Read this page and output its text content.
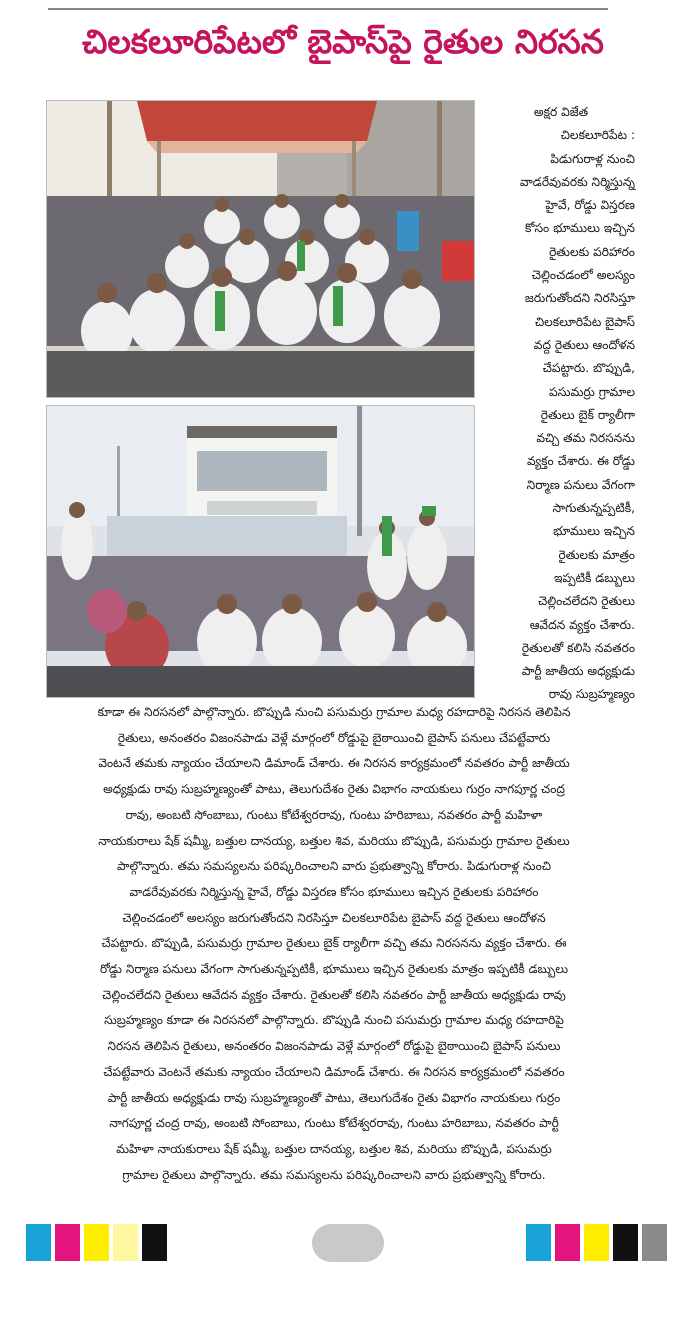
చిలకలూరిపేటలో బైపాస్‌పై రైతుల నిరసన
అక్షర విజేత
చిలకలూరిపేట :
పిడుగురాళ్ల నుంచి
వాడరేవువరకు నిర్మిస్తున్న
హైవే, రోడ్డు విస్తరణ
కోసం భూములు ఇచ్చిన
రైతులకు పరిహారం
చెల్లించడంలో అలస్యం
జరుగుతోందని నిరసిస్తూ
చిలకలూరిపేట బైపాస్
వద్ద రైతులు ఆందోళన
చేపట్టారు. బొప్పుడి,
పసుమర్రు గ్రామాల
రైతులు బైక్ ర్యాలీగా
వచ్చి తమ నిరసనను
వ్యక్తం చేశారు. ఈ రోడ్డు
నిర్మాణ పనులు వేగంగా
సాగుతున్నప్పటికీ,
భూములు ఇచ్చిన
రైతులకు మాత్రం
ఇప్పటికీ డబ్బులు
చెల్లించలేదని రైతులు
ఆవేదన వ్యక్తం చేశారు.
రైతులతో కలిసి నవతరం
పార్టీ జాతీయ అధ్యక్షుడు
రావు సుబ్రహ్మణ్యం
కూడా ఈ నిరసనలో పాల్గొన్నారు. బొప్పుడి నుంచి పసుమర్రు గ్రామాల మధ్య రహదారిపై నిరసన తెలిపిన
రైతులు, అనంతరం విజంనపాడు వెళ్లే మార్గంలో రోడ్డుపై బైఠాయించి బైపాస్ పనులు చేపట్టేవారు
వెంటనే తమకు న్యాయం చేయాలని డిమాండ్ చేశారు. ఈ నిరసన కార్యక్రమంలో నవతరం పార్టీ జాతీయ
అధ్యక్షుడు రావు సుబ్రహ్మణ్యంతో పాటు, తెలుగుదేశం రైతు విభాగం నాయకులు గుర్రం నాగపూర్ణ చంద్ర
రావు, అంబటి సోంబాబు, గుంటు కోటేశ్వరరావు, గుంటు హరిబాబు, నవతరం పార్టీ మహిళా
నాయకురాలు షేక్ షమ్మీ, బత్తుల దానయ్య, బత్తుల శివ, మరియు బొప్పుడి, పసుమర్రు గ్రామాల రైతులు
పాల్గొన్నారు. తమ సమస్యలను పరిష్కరించాలని వారు ప్రభుత్వాన్ని కోరారు. పిడుగురాళ్ల నుంచి
వాడరేవువరకు నిర్మిస్తున్న హైవే, రోడ్డు విస్తరణ కోసం భూములు ఇచ్చిన రైతులకు పరిహారం
చెల్లించడంలో అలస్యం జరుగుతోందని నిరసిస్తూ చిలకలూరిపేట బైపాస్ వద్ద రైతులు ఆందోళన
చేపట్టారు. బొప్పుడి, పసుమర్రు గ్రామాల రైతులు బైక్ ర్యాలీగా వచ్చి తమ నిరసనను వ్యక్తం చేశారు. ఈ
రోడ్డు నిర్మాణ పనులు వేగంగా సాగుతున్నప్పటికీ, భూములు ఇచ్చిన రైతులకు మాత్రం ఇప్పటికీ డబ్బులు
చెల్లించలేదని రైతులు ఆవేదన వ్యక్తం చేశారు. రైతులతో కలిసి నవతరం పార్టీ జాతీయ అధ్యక్షుడు రావు
సుబ్రహ్మణ్యం కూడా ఈ నిరసనలో పాల్గొన్నారు. బొప్పుడి నుంచి పసుమర్రు గ్రామాల మధ్య రహదారిపై
నిరసన తెలిపిన రైతులు, అనంతరం విజంనపాడు వెళ్లే మార్గంలో రోడ్డుపై బైఠాయించి బైపాస్ పనులు
చేపట్టేవారు వెంటనే తమకు న్యాయం చేయాలని డిమాండ్ చేశారు. ఈ నిరసన కార్యక్రమంలో నవతరం
పార్టీ జాతీయ అధ్యక్షుడు రావు సుబ్రహ్మణ్యంతో పాటు, తెలుగుదేశం రైతు విభాగం నాయకులు గుర్రం
నాగపూర్ణ చంద్ర రావు, అంబటి సోంబాబు, గుంటు కోటేశ్వరరావు, గుంటు హరిబాబు, నవతరం పార్టీ
మహిళా నాయకురాలు షేక్ షమ్మీ, బత్తుల దానయ్య, బత్తుల శివ, మరియు బొప్పుడి, పసుమర్రు
గ్రామాల రైతులు పాల్గొన్నారు. తమ సమస్యలను పరిష్కరించాలని వారు ప్రభుత్వాన్ని కోరారు.
